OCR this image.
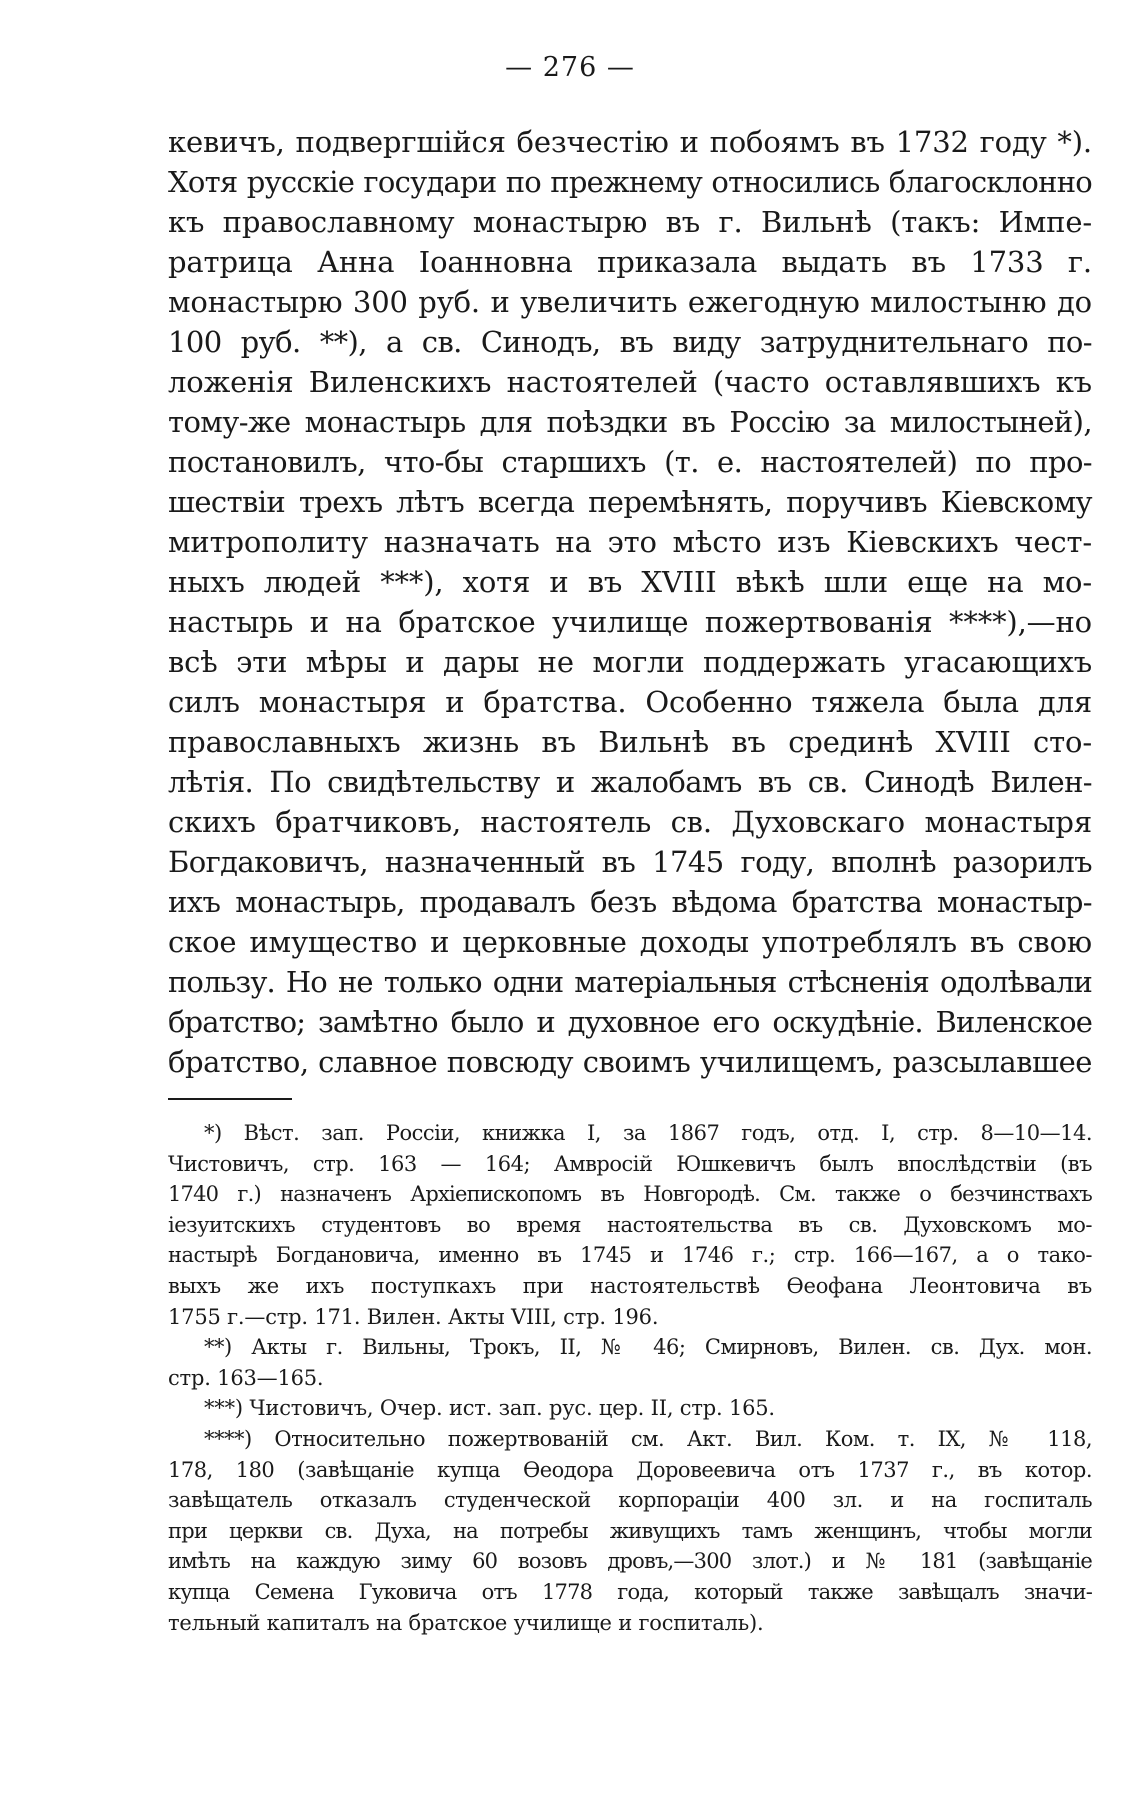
— 276 —
кевичъ, подвергшійся безчестію и побоямъ въ 1732 году *).
Хотя русскіе государи по прежнему относились благосклонно
къ православному монастырю въ г. Вильнѣ (такъ: Импе-
ратрица Анна Іоанновна приказала выдать въ 1733 г.
монастырю 300 руб. и увеличить ежегодную милостыню до
100 руб. **), а св. Синодъ, въ виду затруднительнаго по-
ложенія Виленскихъ настоятелей (часто оставлявшихъ къ
тому-же монастырь для поѣздки въ Россію за милостыней),
постановилъ, что-бы старшихъ (т. е. настоятелей) по про-
шествіи трехъ лѣтъ всегда перемѣнять, поручивъ Кіевскому
митрополиту назначать на это мѣсто изъ Кіевскихъ чест-
ныхъ людей ***), хотя и въ XVIII вѣкѣ шли еще на мо-
настырь и на братское училище пожертвованія ****),—но
всѣ эти мѣры и дары не могли поддержать угасающихъ
силъ монастыря и братства. Особенно тяжела была для
православныхъ жизнь въ Вильнѣ въ срединѣ XVIII сто-
лѣтія. По свидѣтельству и жалобамъ въ св. Синодѣ Вилен-
скихъ братчиковъ, настоятель св. Духовскаго монастыря
Богдаковичъ, назначенный въ 1745 году, вполнѣ разорилъ
ихъ монастырь, продавалъ безъ вѣдома братства монастыр-
ское имущество и церковные доходы употреблялъ въ свою
пользу. Но не только одни матеріальныя стѣсненія одолѣвали
братство; замѣтно было и духовное его оскудѣніе. Виленское
братство, славное повсюду своимъ училищемъ, разсылавшее
*) Вѣст. зап. Россіи, книжка I, за 1867 годъ, отд. I, стр. 8—10—14.
Чистовичъ, стр. 163 — 164; Амвросій Юшкевичъ былъ впослѣдствіи (въ
1740 г.) назначенъ Архіепископомъ въ Новгородѣ. См. также о безчинствахъ
іезуитскихъ студентовъ во время настоятельства въ св. Духовскомъ мо-
настырѣ Богдановича, именно въ 1745 и 1746 г.; стр. 166—167, а о тако-
выхъ же ихъ поступкахъ при настоятельствѣ Ѳеофана Леонтовича въ
1755 г.—стр. 171. Вилен. Акты VIII, стр. 196.
**) Акты г. Вильны, Трокъ, II, № 46; Смирновъ, Вилен. св. Дух. мон.
стр. 163—165.
***) Чистовичъ, Очер. ист. зап. рус. цер. II, стр. 165.
****) Относительно пожертвованій см. Акт. Вил. Ком. т. IX, № 118,
178, 180 (завѣщаніе купца Ѳеодора Доровеевича отъ 1737 г., въ котор.
завѣщатель отказалъ студенческой корпораціи 400 зл. и на госпиталь
при церкви св. Духа, на потребы живущихъ тамъ женщинъ, чтобы могли
имѣть на каждую зиму 60 возовъ дровъ,—300 злот.) и № 181 (завѣщаніе
купца Семена Гуковича отъ 1778 года, который также завѣщалъ значи-
тельный капиталъ на братское училище и госпиталь).
